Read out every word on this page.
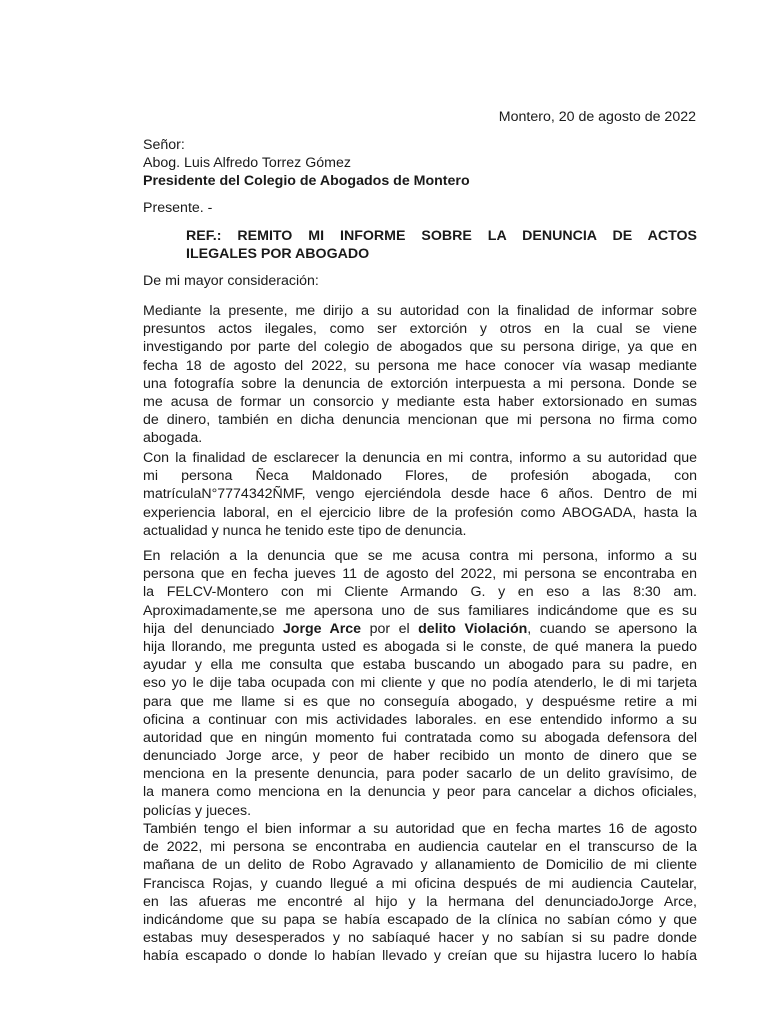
Montero, 20 de agosto de 2022
Señor:
Abog. Luis Alfredo Torrez Gómez
Presidente del Colegio de Abogados de Montero
Presente. -
REF.: REMITO MI INFORME SOBRE LA DENUNCIA DE ACTOS
ILEGALES POR ABOGADO
De mi mayor consideración:
Mediante la presente, me dirijo a su autoridad con la finalidad de informar sobre
presuntos actos ilegales, como ser extorción y otros en la cual se viene
investigando por parte del colegio de abogados que su persona dirige, ya que en
fecha 18 de agosto del 2022, su persona me hace conocer vía wasap mediante
una fotografía sobre la denuncia de extorción interpuesta a mi persona. Donde se
me acusa de formar un consorcio y mediante esta haber extorsionado en sumas
de dinero, también en dicha denuncia mencionan que mi persona no firma como
abogada.
Con la finalidad de esclarecer la denuncia en mi contra, informo a su autoridad que
mi persona Ñeca Maldonado Flores, de profesión abogada, con
matrículaN°7774342ÑMF, vengo ejerciéndola desde hace 6 años. Dentro de mi
experiencia laboral, en el ejercicio libre de la profesión como ABOGADA, hasta la
actualidad y nunca he tenido este tipo de denuncia.
En relación a la denuncia que se me acusa contra mi persona, informo a su
persona que en fecha jueves 11 de agosto del 2022, mi persona se encontraba en
la FELCV-Montero con mi Cliente Armando G. y en eso a las 8:30 am.
Aproximadamente,se me apersona uno de sus familiares indicándome que es su
hija del denunciado Jorge Arce por el delito Violación, cuando se apersono la
hija llorando, me pregunta usted es abogada si le conste, de qué manera la puedo
ayudar y ella me consulta que estaba buscando un abogado para su padre, en
eso yo le dije taba ocupada con mi cliente y que no podía atenderlo, le di mi tarjeta
para que me llame si es que no conseguía abogado, y despuésme retire a mi
oficina a continuar con mis actividades laborales. en ese entendido informo a su
autoridad que en ningún momento fui contratada como su abogada defensora del
denunciado Jorge arce, y peor de haber recibido un monto de dinero que se
menciona en la presente denuncia, para poder sacarlo de un delito gravísimo, de
la manera como menciona en la denuncia y peor para cancelar a dichos oficiales,
policías y jueces.
También tengo el bien informar a su autoridad que en fecha martes 16 de agosto
de 2022, mi persona se encontraba en audiencia cautelar en el transcurso de la
mañana de un delito de Robo Agravado y allanamiento de Domicilio de mi cliente
Francisca Rojas, y cuando llegué a mi oficina después de mi audiencia Cautelar,
en las afueras me encontré al hijo y la hermana del denunciadoJorge Arce,
indicándome que su papa se había escapado de la clínica no sabían cómo y que
estabas muy desesperados y no sabíaqué hacer y no sabían si su padre donde
había escapado o donde lo habían llevado y creían que su hijastra lucero lo había
